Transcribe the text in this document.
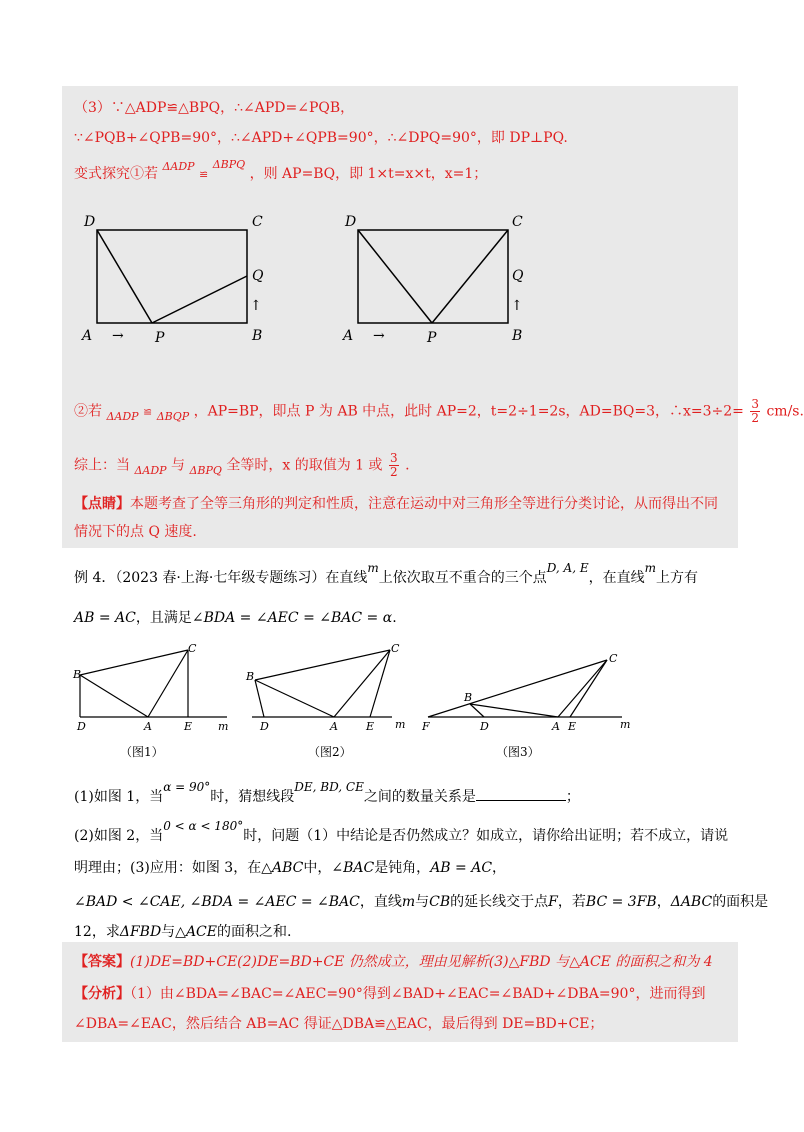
（3）∵△ADP≌△BPQ，∴∠APD=∠PQB，
∵∠PQB+∠QPB=90°，∴∠APD+∠QPB=90°，∴∠DPQ=90°，即 DP⊥PQ.
变式探究①若 $^{\Delta ADP}$ ≌ $^{\Delta BPQ}$ ，则 AP=BQ，即 1×t=x×t，x=1；
D	C
Q
A	P	B
→
↑
D	C
Q
A	P	B
→
↑
②若 $_{\Delta ADP}$ ≌ $_{\Delta BQP}$ ，AP=BP，即点 P 为 AB 中点，此时 AP=2，t=2÷1=2s，AD=BQ=3，∴x=3÷2= $\frac{3}{2} cm/s$.
综上：当 $_{\Delta ADP}$ 与 $_{\Delta BPQ}$ 全等时，x 的取值为 1 或 $\frac{3}{2}$ .
【点睛】本题考查了全等三角形的判定和性质，注意在运动中对三角形全等进行分类讨论，从而得出不同
情况下的点 Q 速度.
例 4．（2023 春·上海·七年级专题练习）在直线m上依次取互不重合的三个点D, A, E，在直线m上方有
AB = AC，且满足∠BDA = ∠AEC = ∠BAC = α.
B
C
D	A	E m
B
C
D	A	E m
B
C
F	D	A E	m
（图1）	（图2）	（图3）
(1)如图 1，当α = 90°时，猜想线段DE, BD, CE之间的数量关系是	；
(2)如图 2，当0 < α < 180°时，问题（1）中结论是否仍然成立？如成立，请你给出证明；若不成立，请说
明理由；(3)应用：如图 3，在△ABC中，∠BAC是钝角，AB = AC，
∠BAD < ∠CAE, ∠BDA = ∠AEC = ∠BAC，直线m与CB的延长线交于点F，若BC = 3FB，ΔABC的面积是
12，求ΔFBD与△ACE的面积之和.
【答案】(1)DE=BD+CE(2)DE=BD+CE 仍然成立，理由见解析(3)△FBD 与△ACE 的面积之和为 4
【分析】（1）由∠BDA=∠BAC=∠AEC=90°得到∠BAD+∠EAC=∠BAD+∠DBA=90°，进而得到
∠DBA=∠EAC，然后结合 AB=AC 得证△DBA≌△EAC，最后得到 DE=BD+CE；
